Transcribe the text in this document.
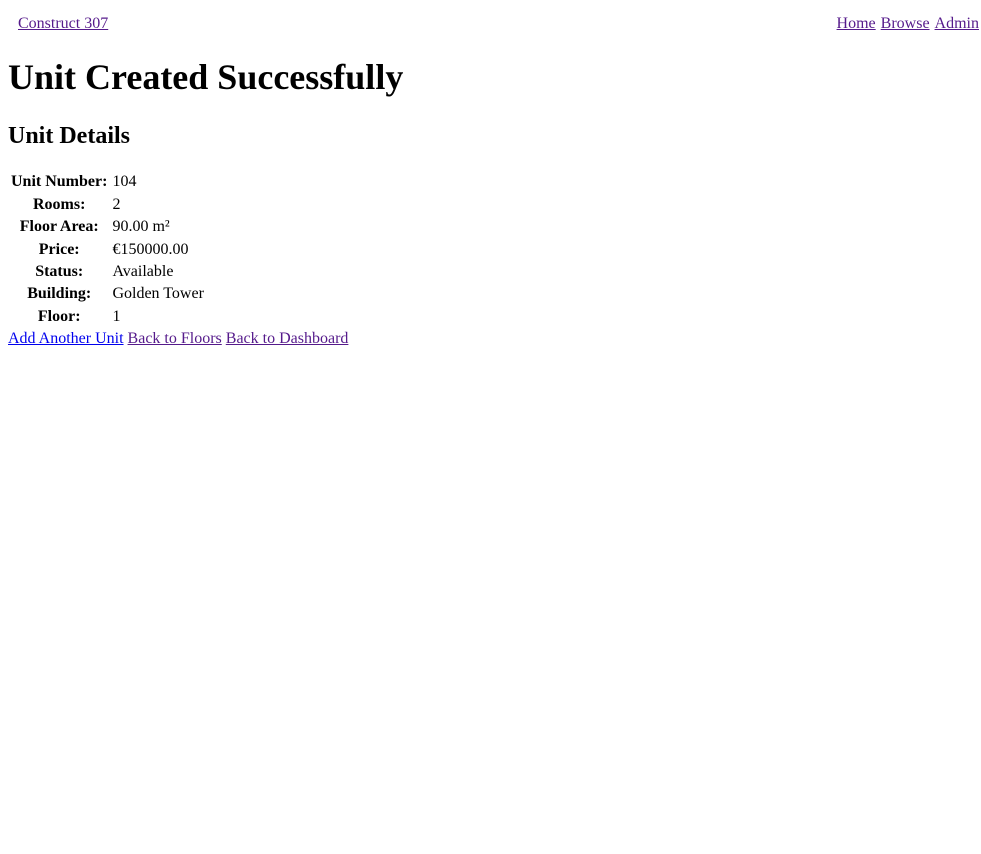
Construct 307	Home Browse Admin
Unit Created Successfully
Unit Details
Unit Number:	104
Rooms:	2
Floor Area:	90.00 m²
Price:	€150000.00
Status:	Available
Building:	Golden Tower
Floor:	1
Add Another Unit Back to Floors Back to Dashboard
